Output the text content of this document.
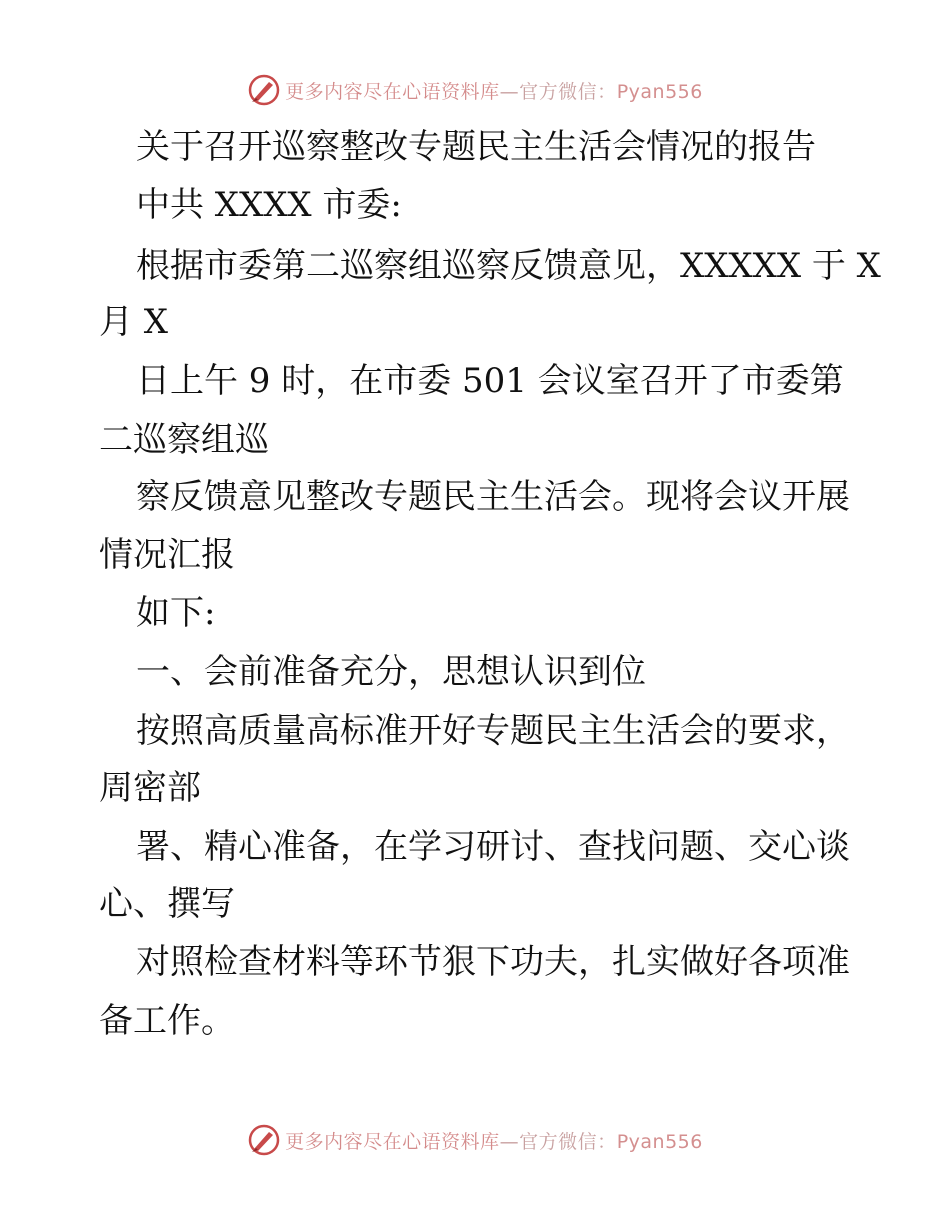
更多内容尽在心语资料库—官方微信：Pyan556
关于召开巡察整改专题民主生活会情况的报告
中共 XXXX 市委:
根据市委第二巡察组巡察反馈意见，XXXXX 于 X
月 X
日上午 9 时，在市委 501 会议室召开了市委第
二巡察组巡
察反馈意见整改专题民主生活会。现将会议开展
情况汇报
如下:
一、会前准备充分，思想认识到位
按照高质量高标准开好专题民主生活会的要求，
周密部
署、精心准备，在学习研讨、查找问题、交心谈
心、撰写
对照检查材料等环节狠下功夫，扎实做好各项准
备工作。
更多内容尽在心语资料库—官方微信：Pyan556
